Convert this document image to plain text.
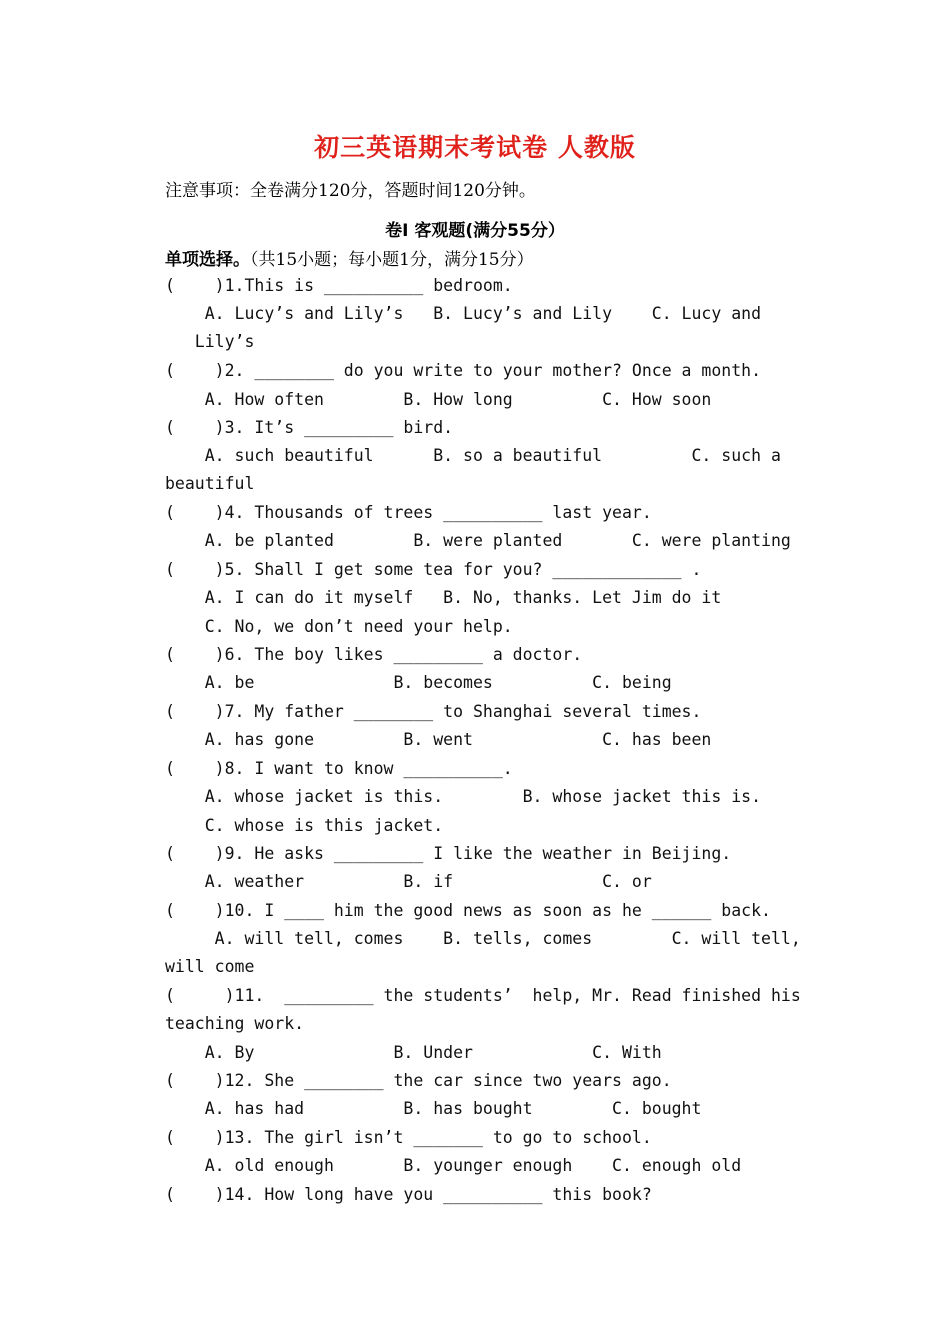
初三英语期末考试卷 人教版
注意事项：全卷满分120分，答题时间120分钟。
卷Ⅰ 客观题(满分55分）
单项选择。（共15小题；每小题1分，满分15分）
(    )1.This is __________ bedroom.
A. Lucy’s and Lily’s   B. Lucy’s and Lily    C. Lucy and
Lily’s
(    )2. ________ do you write to your mother? Once a month.
A. How often        B. How long         C. How soon
(    )3. It’s _________ bird.
A. such beautiful      B. so a beautiful         C. such a
beautiful
(    )4. Thousands of trees __________ last year.
A. be planted        B. were planted       C. were planting
(    )5. Shall I get some tea for you? _____________ .
A. I can do it myself   B. No, thanks. Let Jim do it
C. No, we don’t need your help.
(    )6. The boy likes _________ a doctor.
A. be              B. becomes          C. being
(    )7. My father ________ to Shanghai several times.
A. has gone         B. went             C. has been
(    )8. I want to know __________.
A. whose jacket is this.        B. whose jacket this is.
C. whose is this jacket.
(    )9. He asks _________ I like the weather in Beijing.
A. weather          B. if               C. or
(    )10. I ____ him the good news as soon as he ______ back.
A. will tell, comes    B. tells, comes        C. will tell,
will come
(     )11.  _________ the students’  help, Mr. Read finished his
teaching work.
A. By              B. Under            C. With
(    )12. She ________ the car since two years ago.
A. has had          B. has bought        C. bought
(    )13. The girl isn’t _______ to go to school.
A. old enough       B. younger enough    C. enough old
(    )14. How long have you __________ this book?
